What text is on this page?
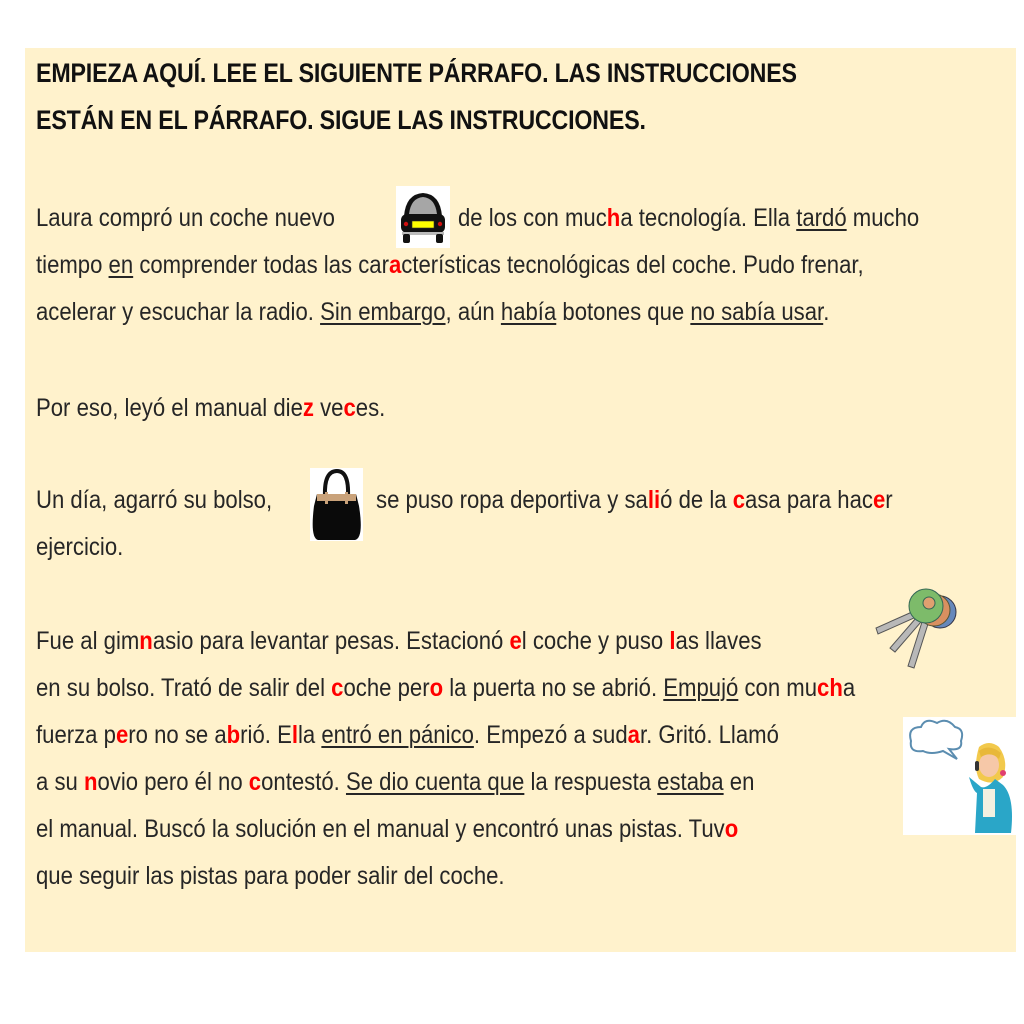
EMPIEZA AQUÍ. LEE EL SIGUIENTE PÁRRAFO. LAS INSTRUCCIONES
ESTÁN EN EL PÁRRAFO. SIGUE LAS INSTRUCCIONES.
Laura compró un coche nuevo	de los con mucha tecnología. Ella tardó mucho
tiempo en comprender todas las características tecnológicas del coche. Pudo frenar,
acelerar y escuchar la radio. Sin embargo, aún había botones que no sabía usar.
Por eso, leyó el manual diez veces.
Un día, agarró su bolso,	se puso ropa deportiva y salió de la casa para hacer
ejercicio.
Fue al gimnasio para levantar pesas. Estacionó el coche y puso las llaves
en su bolso. Trató de salir del coche pero la puerta no se abrió. Empujó con mucha
fuerza pero no se abrió. Ella entró en pánico. Empezó a sudar. Gritó. Llamó
a su novio pero él no contestó. Se dio cuenta que la respuesta estaba en
el manual. Buscó la solución en el manual y encontró unas pistas. Tuvo
que seguir las pistas para poder salir del coche.
